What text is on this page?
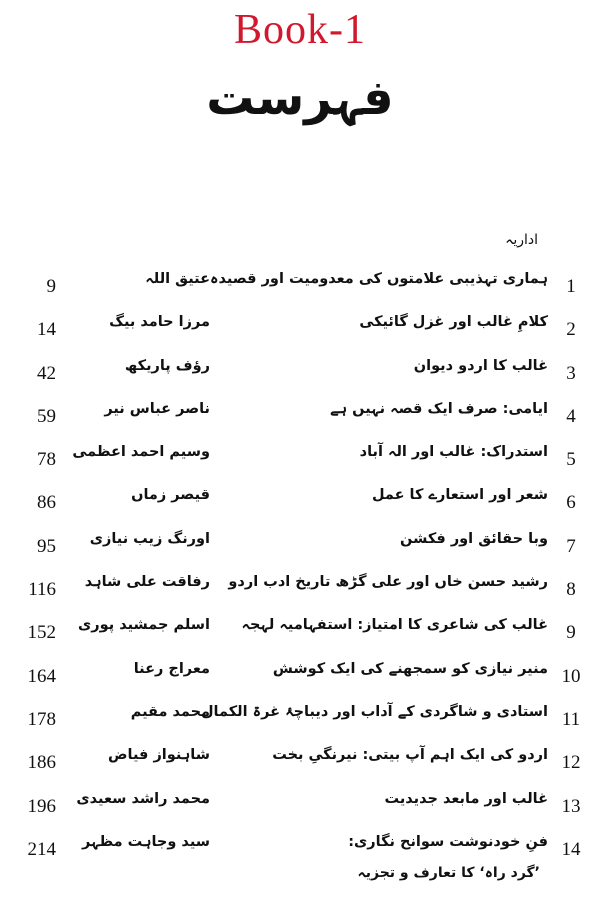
Book-1
فہرست
اداریہ
1
ہماری تہذیبی علامتوں کی معدومیت اور قصیدہ
عتیق اللہ
9
2
کلامِ غالب اور غزل گائیکی
مرزا حامد بیگ
14
3
غالب کا اردو دیوان
رؤف پاریکھ
42
4
ایامی: صرف ایک قصہ نہیں ہے
ناصر عباس نیر
59
5
استدراک: غالب اور الہ آباد
وسیم احمد اعظمی
78
6
شعر اور استعارے کا عمل
قیصر زماں
86
7
وبا حقائق اور فکشن
اورنگ زیب نیازی
95
8
رشید حسن خاں اور علی گڑھ تاریخ ادب اردو
رفاقت علی شاہد
116
9
غالب کی شاعری کا امتیاز: استفہامیہ لہجہ
اسلم جمشید پوری
152
10
منیر نیازی کو سمجھنے کی ایک کوشش
معراج رعنا
164
11
استادی و شاگردی کے آداب اور دیباچۂ غرۃ الکمال
محمد مقیم
178
12
اردو کی ایک اہم آپ بیتی: نیرنگیِ بخت
شاہنواز فیاض
186
13
غالب اور مابعد جدیدیت
محمد راشد سعیدی
196
14
فنِ خودنوشت سوانح نگاری:
سید وجاہت مظہر
214
’گرد راہ‘ کا تعارف و تجزیہ
